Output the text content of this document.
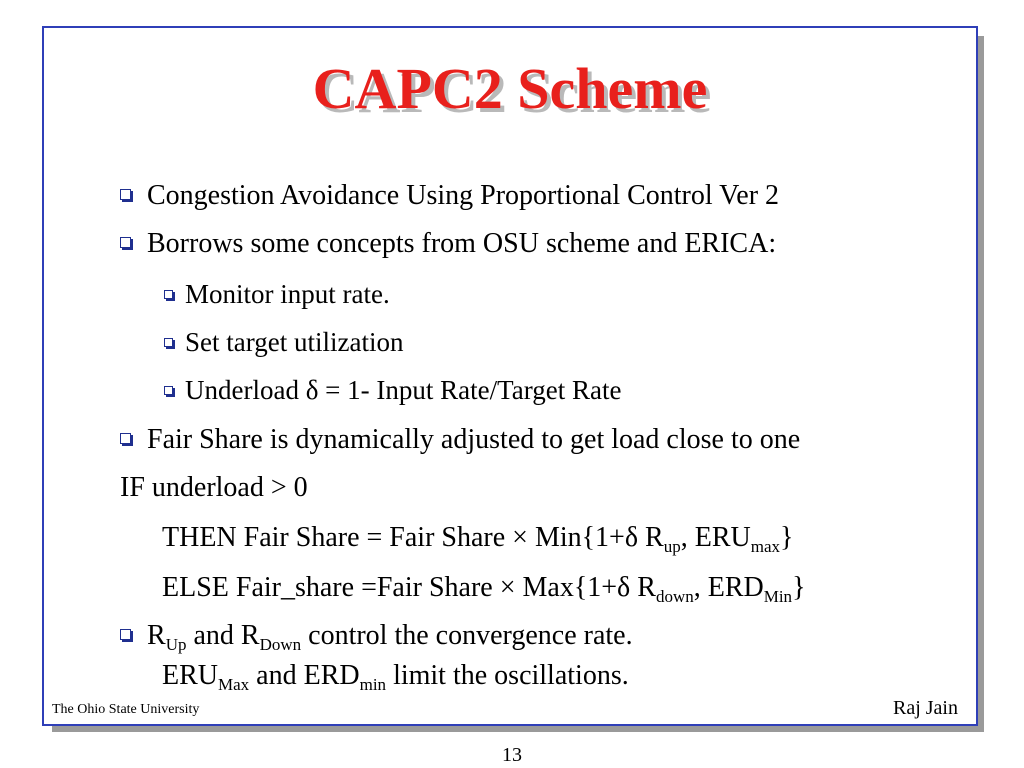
CAPC2 Scheme
Congestion Avoidance Using Proportional Control Ver 2
Borrows some concepts from OSU scheme and ERICA:
Monitor input rate.
Set target utilization
Underload δ = 1- Input Rate/Target Rate
Fair Share is dynamically adjusted to get load close to one
IF underload > 0
THEN Fair Share = Fair Share × Min{1+δ $R_{up}$, $ERU_{max}$}
ELSE Fair_share =Fair Share × Max{1+δ $R_{down}$, $ERD_{Min}$}
$R_{Up}$ and $R_{Down}$ control the convergence rate.
$ERU_{Max}$ and $ERD_{min}$ limit the oscillations.
The Ohio State University	Raj Jain
13
